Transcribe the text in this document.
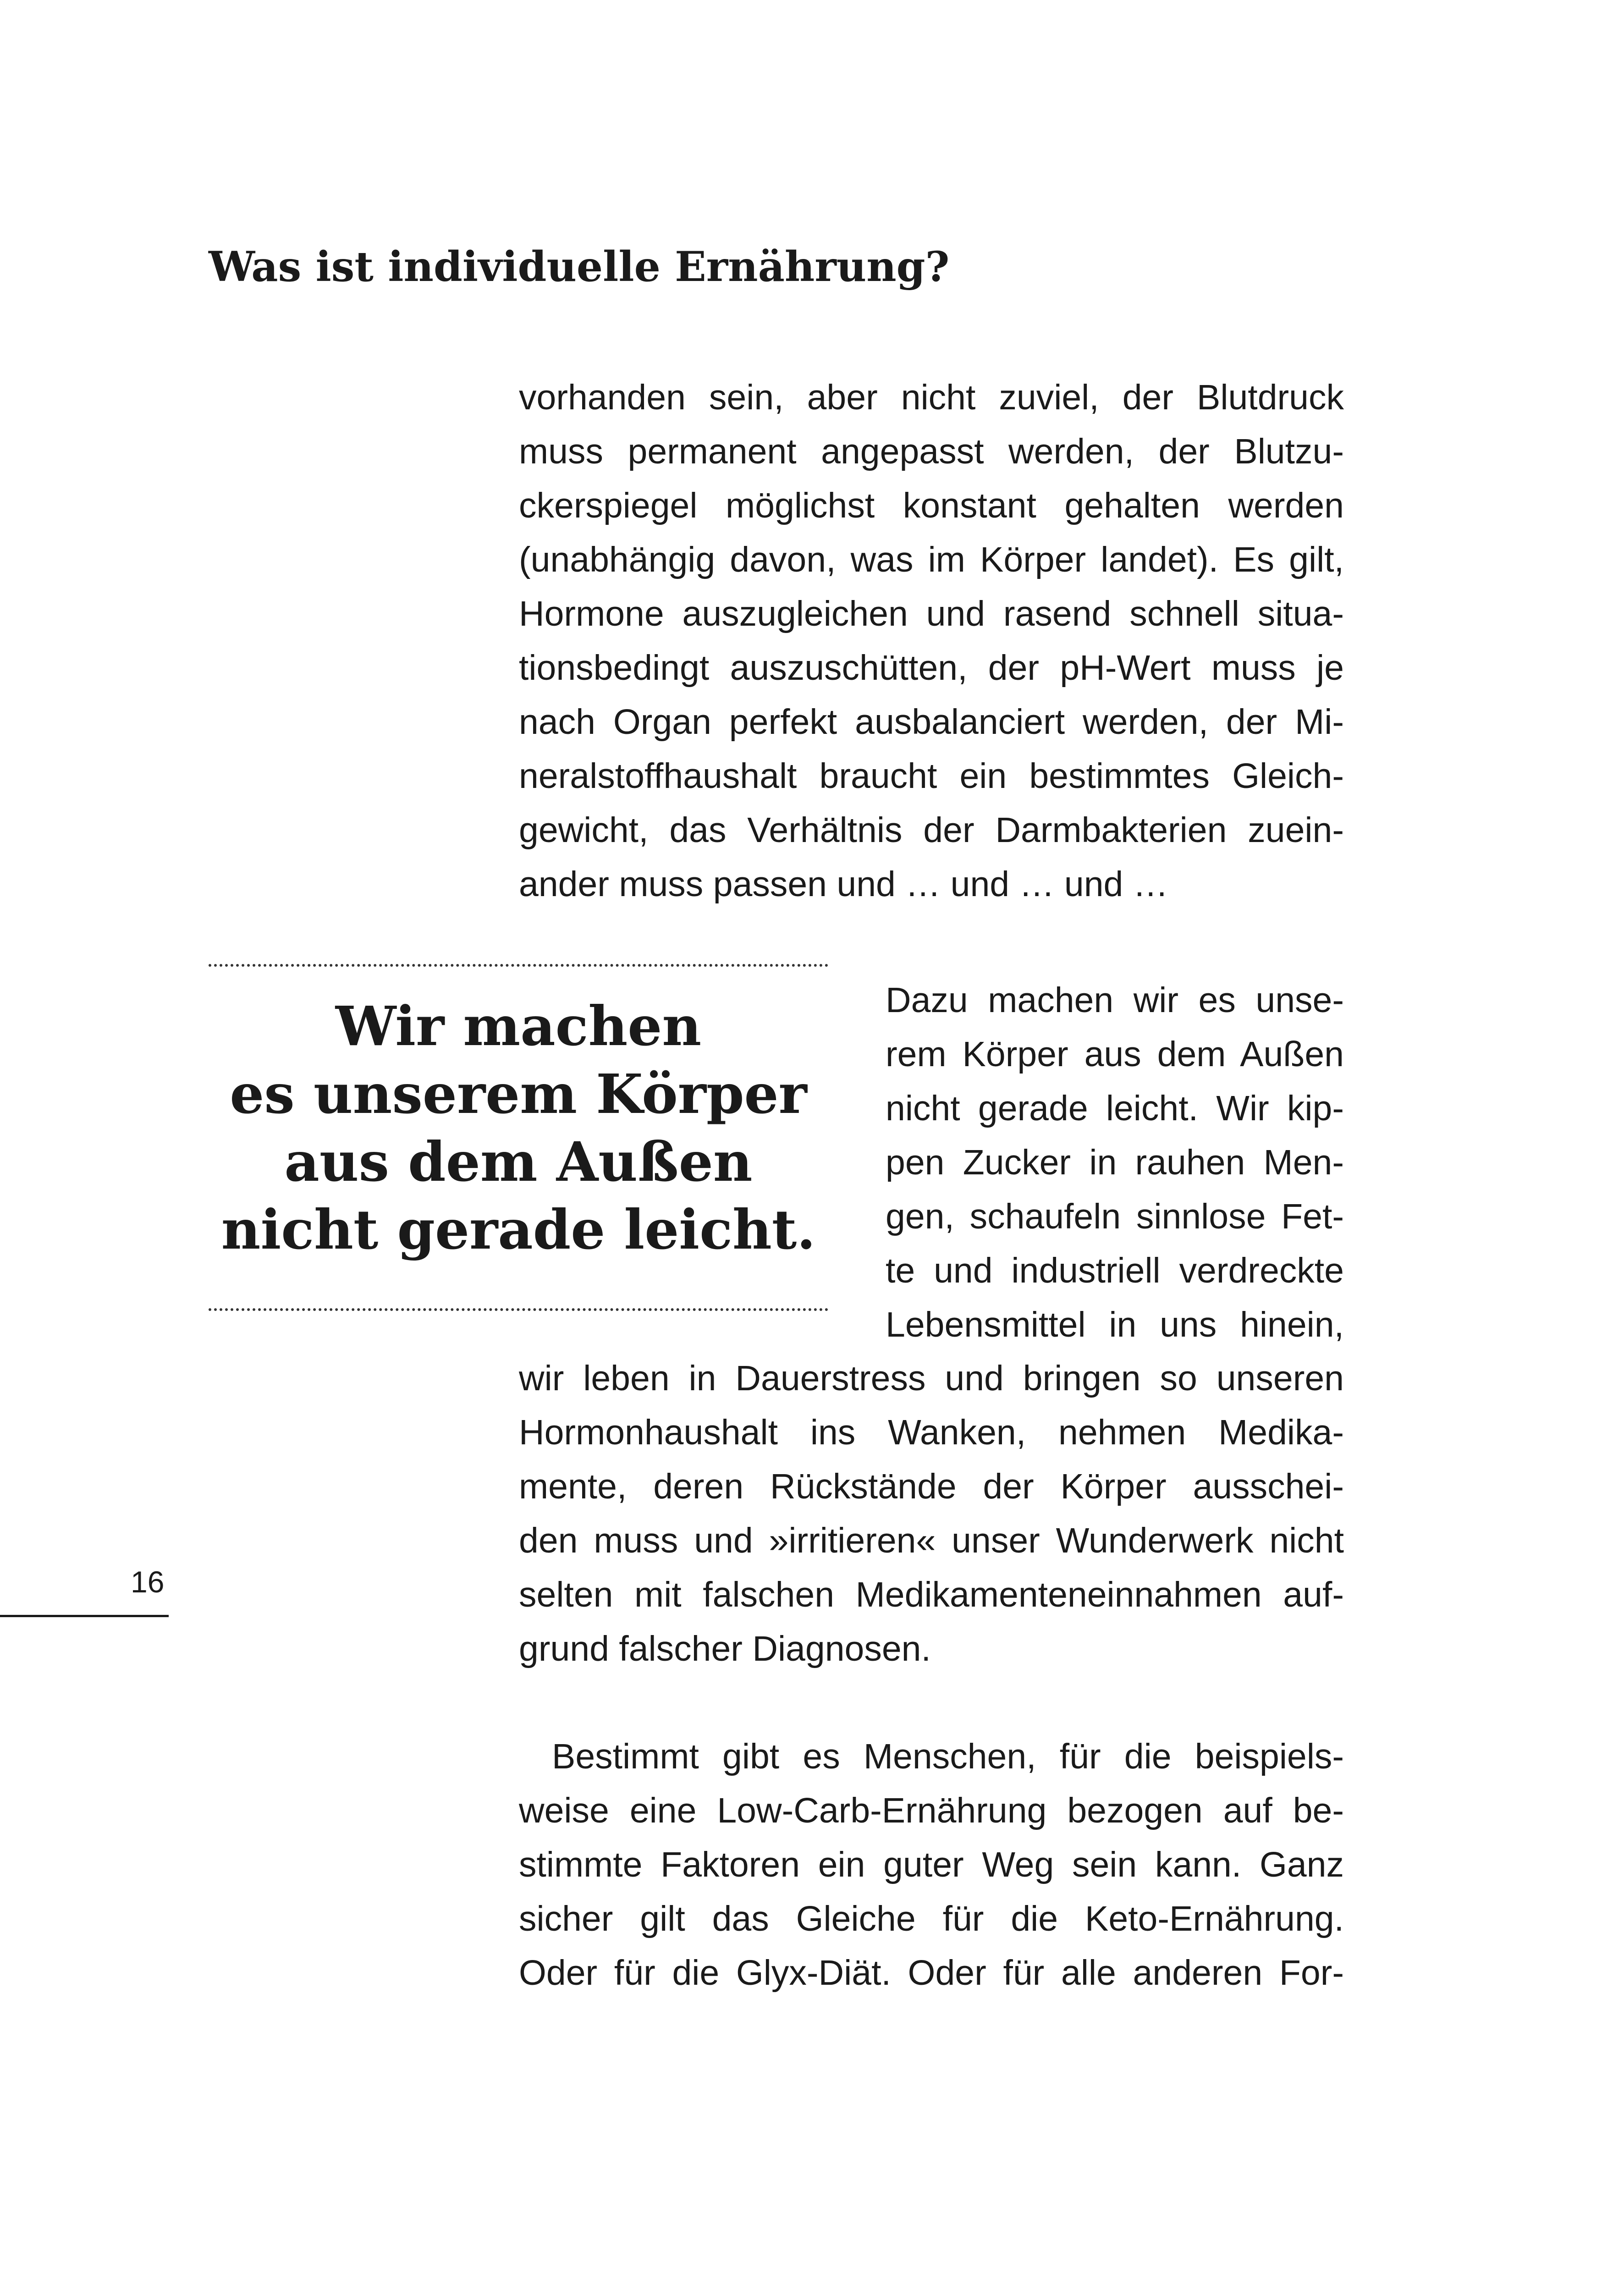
Was ist individuelle Ernährung?
vorhanden sein, aber nicht zuviel, der Blutdruck
muss permanent angepasst werden, der Blutzu-
ckerspiegel möglichst konstant gehalten werden
(unabhängig davon, was im Körper landet). Es gilt,
Hormone auszugleichen und rasend schnell situa-
tionsbedingt auszuschütten, der pH-Wert muss je
nach Organ perfekt ausbalanciert werden, der Mi-
neralstoffhaushalt braucht ein bestimmtes Gleich-
gewicht, das Verhältnis der Darmbakterien zuein-
ander muss passen und … und … und …
Wir machen
es unserem Körper
aus dem Außen
nicht gerade leicht.
Dazu machen wir es unse-
rem Körper aus dem Außen
nicht gerade leicht. Wir kip-
pen Zucker in rauhen Men-
gen, schaufeln sinnlose Fet-
te und industriell verdreckte
Lebensmittel in uns hinein,
wir leben in Dauerstress und bringen so unseren
Hormonhaushalt ins Wanken, nehmen Medika-
mente, deren Rückstände der Körper ausschei-
den muss und »irritieren« unser Wunderwerk nicht
selten mit falschen Medikamenteneinnahmen auf-
grund falscher Diagnosen.
Bestimmt gibt es Menschen, für die beispiels-
weise eine Low-Carb-Ernährung bezogen auf be-
stimmte Faktoren ein guter Weg sein kann. Ganz
sicher gilt das Gleiche für die Keto-Ernährung.
Oder für die Glyx-Diät. Oder für alle anderen For-
16
